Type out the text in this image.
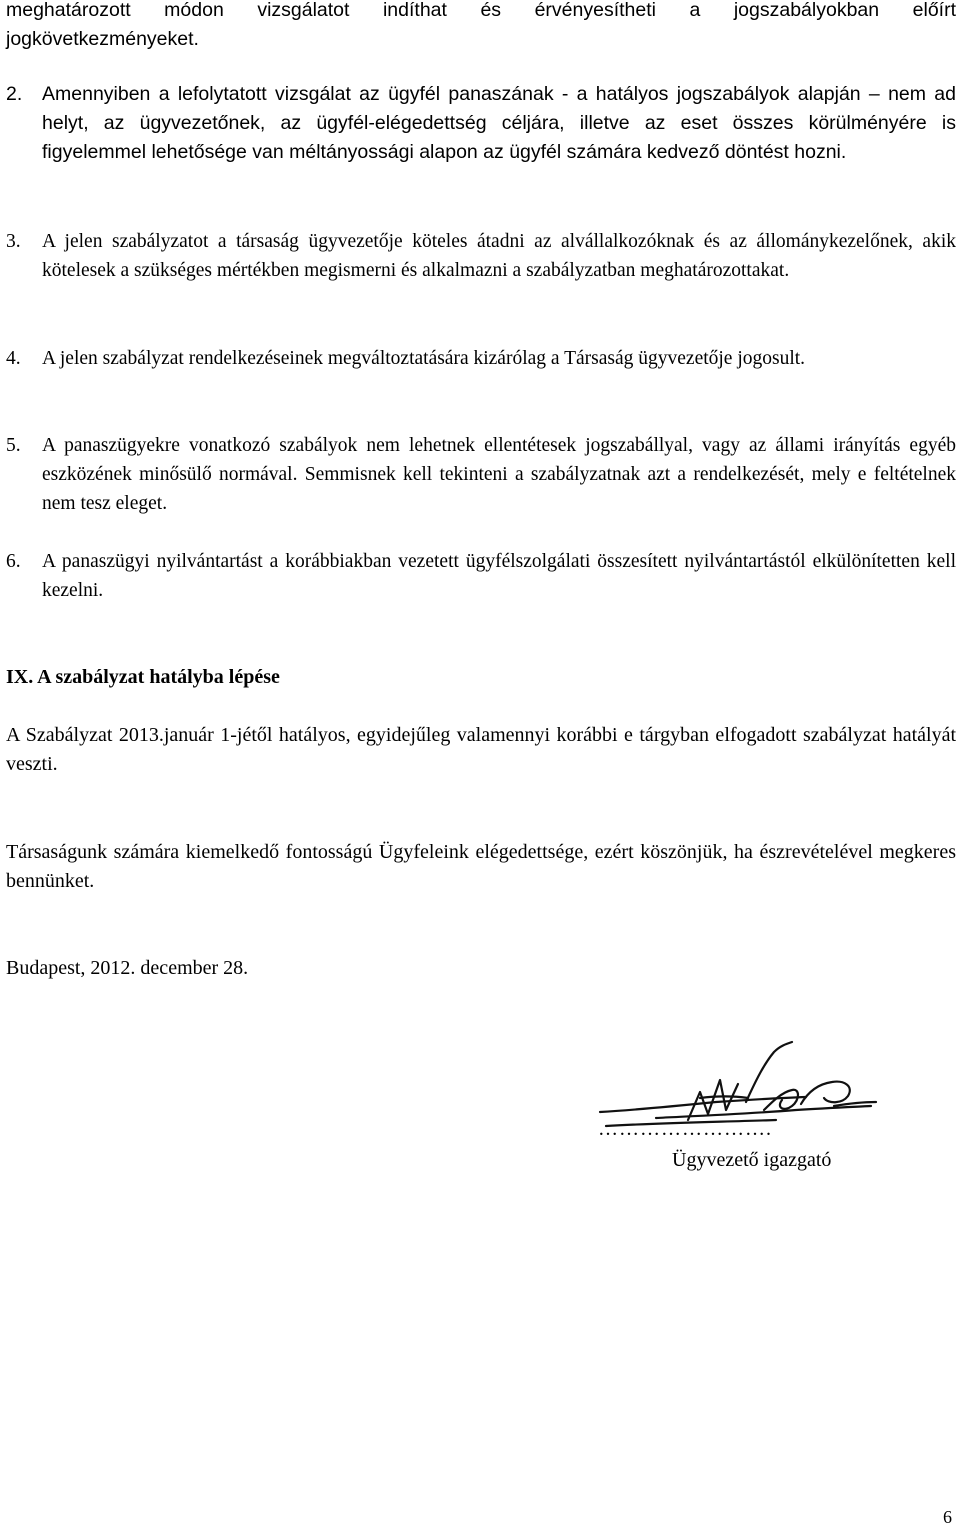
meghatározott módon vizsgálatot indíthat és érvényesítheti a jogszabályokban előírt
jogkövetkezményeket.
2.	Amennyiben a lefolytatott vizsgálat az ügyfél panaszának - a hatályos jogszabályok alapján – nem ad helyt, az ügyvezetőnek, az ügyfél-elégedettség céljára, illetve az eset összes körülményére is figyelemmel lehetősége van méltányossági alapon az ügyfél számára kedvező döntést hozni.
3.	A jelen szabályzatot a társaság ügyvezetője köteles átadni az alvállalkozóknak és az állománykezelőnek, akik kötelesek a szükséges mértékben megismerni és alkalmazni a szabályzatban meghatározottakat.
4.	A jelen szabályzat rendelkezéseinek megváltoztatására kizárólag a Társaság ügyvezetője jogosult.
5.	A panaszügyekre vonatkozó szabályok nem lehetnek ellentétesek jogszabállyal, vagy az állami irányítás egyéb eszközének minősülő normával. Semmisnek kell tekinteni a szabályzatnak azt a rendelkezését, mely e feltételnek nem tesz eleget.
6.	A panaszügyi nyilvántartást a korábbiakban vezetett ügyfélszolgálati összesített nyilvántartástól elkülönítetten kell kezelni.
IX. A szabályzat hatályba lépése
A Szabályzat 2013.január 1-jétől hatályos, egyidejűleg valamennyi korábbi e tárgyban elfogadott szabályzat hatályát veszti.
Társaságunk számára kiemelkedő fontosságú Ügyfeleink elégedettsége, ezért köszönjük, ha észrevételével megkeres bennünket.
Budapest, 2012. december 28.
…………………….
Ügyvezető igazgató
6
